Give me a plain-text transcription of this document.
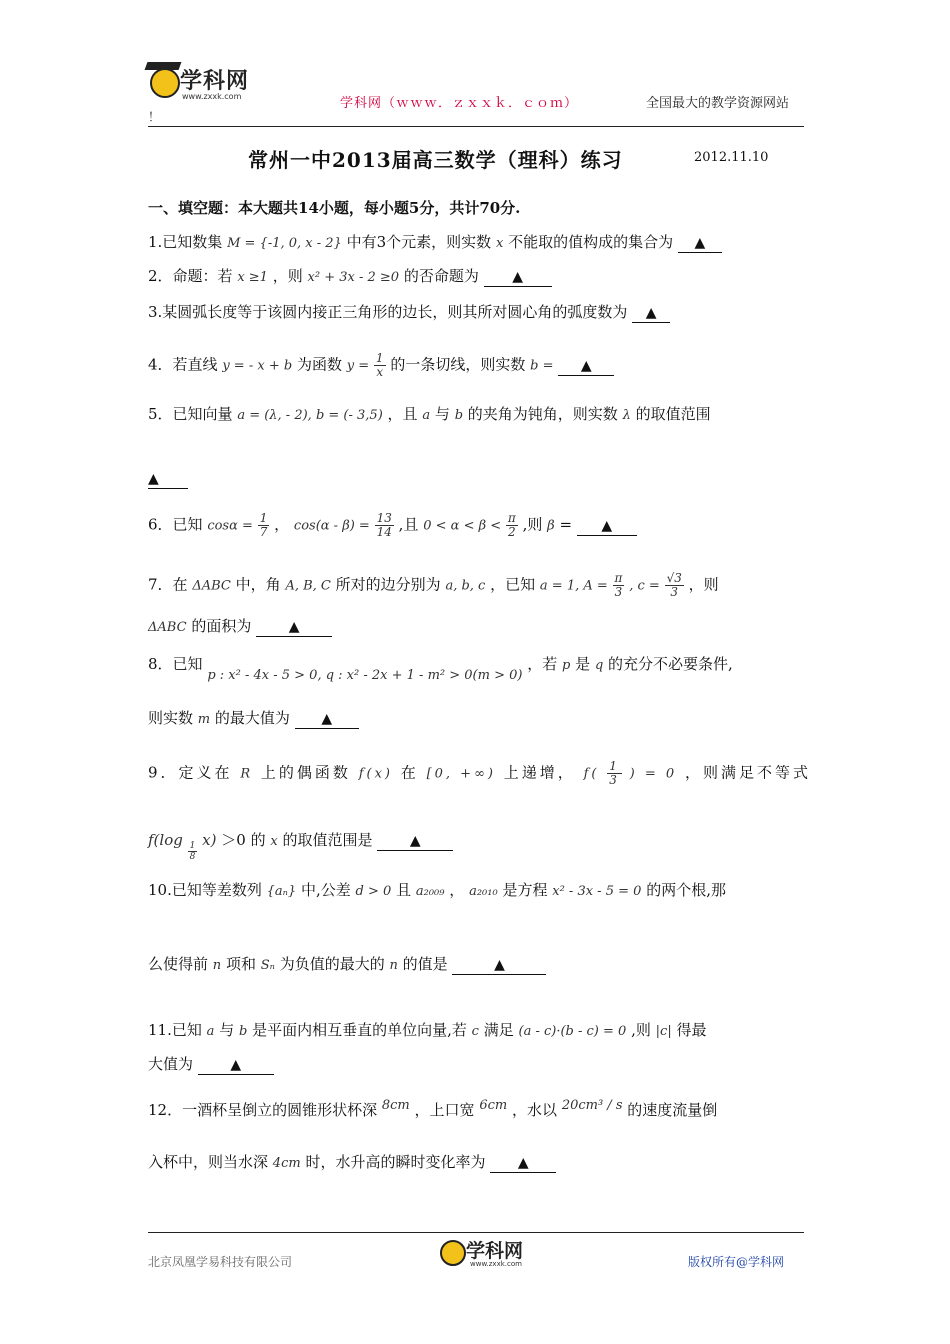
学科网
www.zxxk.com	学科网（ｗｗｗ．ｚｘｘｋ．ｃｏｍ）	全国最大的教学资源网站
！
常州一中2013届高三数学（理科）练习	2012.11.10
一、填空题：本大题共14小题，每小题5分，共计70分.
1.已知数集 M = {-1, 0, x - 2} 中有3个元素，则实数 x 不能取的值构成的集合为 ▲
2．命题：若 x ≥1 ，则 x² + 3x - 2 ≥0 的否命题为 ▲
3.某圆弧长度等于该圆内接正三角形的边长，则其所对圆心角的弧度数为 ▲
4．若直线 y = - x + b 为函数 $y = \frac{1}{x}$ 的一条切线，则实数 b = ▲
5．已知向量 a = (λ, - 2), b = (- 3,5) ，且 a 与 b 的夹角为钝角，则实数 λ 的取值范围
▲
6．已知 $\cos\alpha = \frac{1}{7}$ ， $\cos(\alpha - \beta) = \frac{13}{14}$ ,且 $0 < \alpha < \beta < \frac{\pi}{2}$ ,则 β = ▲
7．在 ΔABC 中，角 A, B, C 所对的边分别为 a, b, c ，已知 a = 1, $A = \frac{\pi}{3}$ , $c = \frac{√3}{3}$ ，则
ΔABC 的面积为	▲
8．已知 p : x² - 4x - 5 > 0, q : x² - 2x + 1 - m² > 0(m > 0) ，若 p 是 q 的充分不必要条件,
则实数 m 的最大值为 ▲
9．定义在 R 上的偶函数 f(x) 在 [0, +∞) 上递增， $f( \frac{1}{3}$ ) = 0 ，则满足不等式
f(log
$\frac{1}{8}$
x) ＞0 的 x 的取值范围是	▲
10.已知等差数列 {aₙ} 中,公差 d > 0 且 a₂₀₀₉ ， a₂₀₁₀ 是方程 x² - 3x - 5 = 0 的两个根,那
么使得前 n 项和 Sₙ 为负值的最大的 n 的值是	▲
11.已知 a 与 b 是平面内相互垂直的单位向量,若 c 满足 (a - c)·(b - c) = 0 ,则 |c| 得最
大值为	▲
12．一酒杯呈倒立的圆锥形状杯深 8cm ，上口宽 6cm ，水以 20cm³ / s 的速度流量倒
入杯中，则当水深 4cm 时，水升高的瞬时变化率为 ▲
北京凤凰学易科技有限公司	学科网
www.zxxk.com	版权所有@学科网
